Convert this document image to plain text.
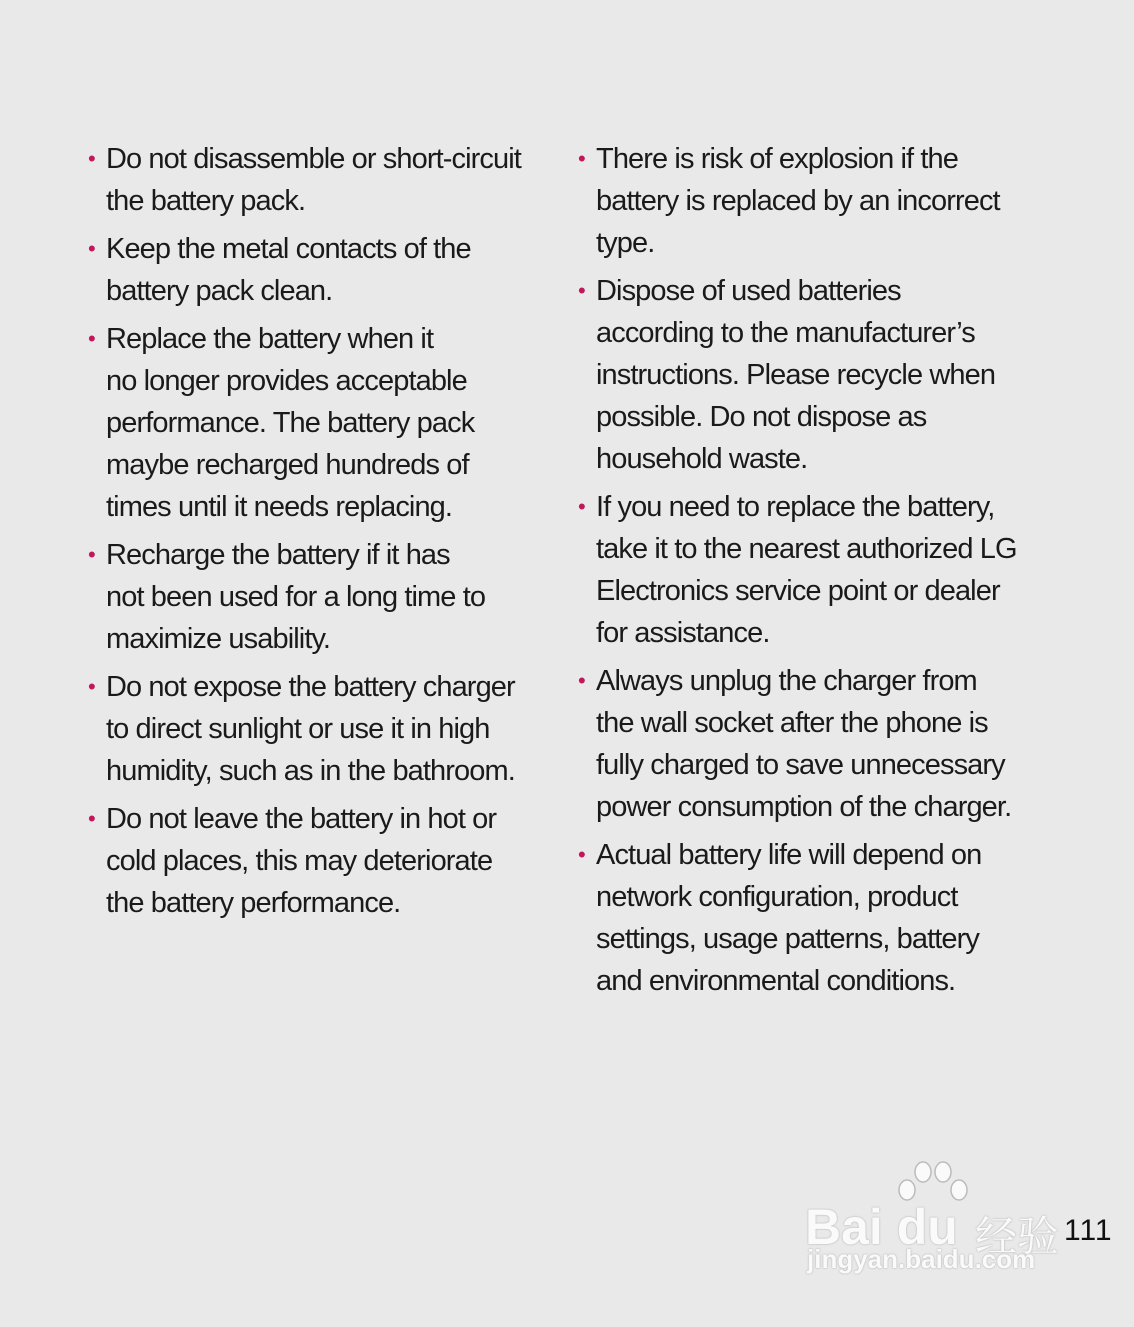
• Do not disassemble or short-circuit
the battery pack.
• Keep the metal contacts of the
battery pack clean.
• Replace the battery when it
no longer provides acceptable
performance. The battery pack
maybe recharged hundreds of
times until it needs replacing.
• Recharge the battery if it has
not been used for a long time to
maximize usability.
• Do not expose the battery charger
to direct sunlight or use it in high
humidity, such as in the bathroom.
• Do not leave the battery in hot or
cold places, this may deteriorate
the battery performance.
• There is risk of explosion if the
battery is replaced by an incorrect
type.
• Dispose of used batteries
according to the manufacturer’s
instructions. Please recycle when
possible. Do not dispose as
household waste.
• If you need to replace the battery,
take it to the nearest authorized LG
Electronics service point or dealer
for assistance.
• Always unplug the charger from
the wall socket after the phone is
fully charged to save unnecessary
power consumption of the charger.
• Actual battery life will depend on
network configuration, product
settings, usage patterns, battery
and environmental conditions.
Bai du 经验
jingyan.baidu.com
111
